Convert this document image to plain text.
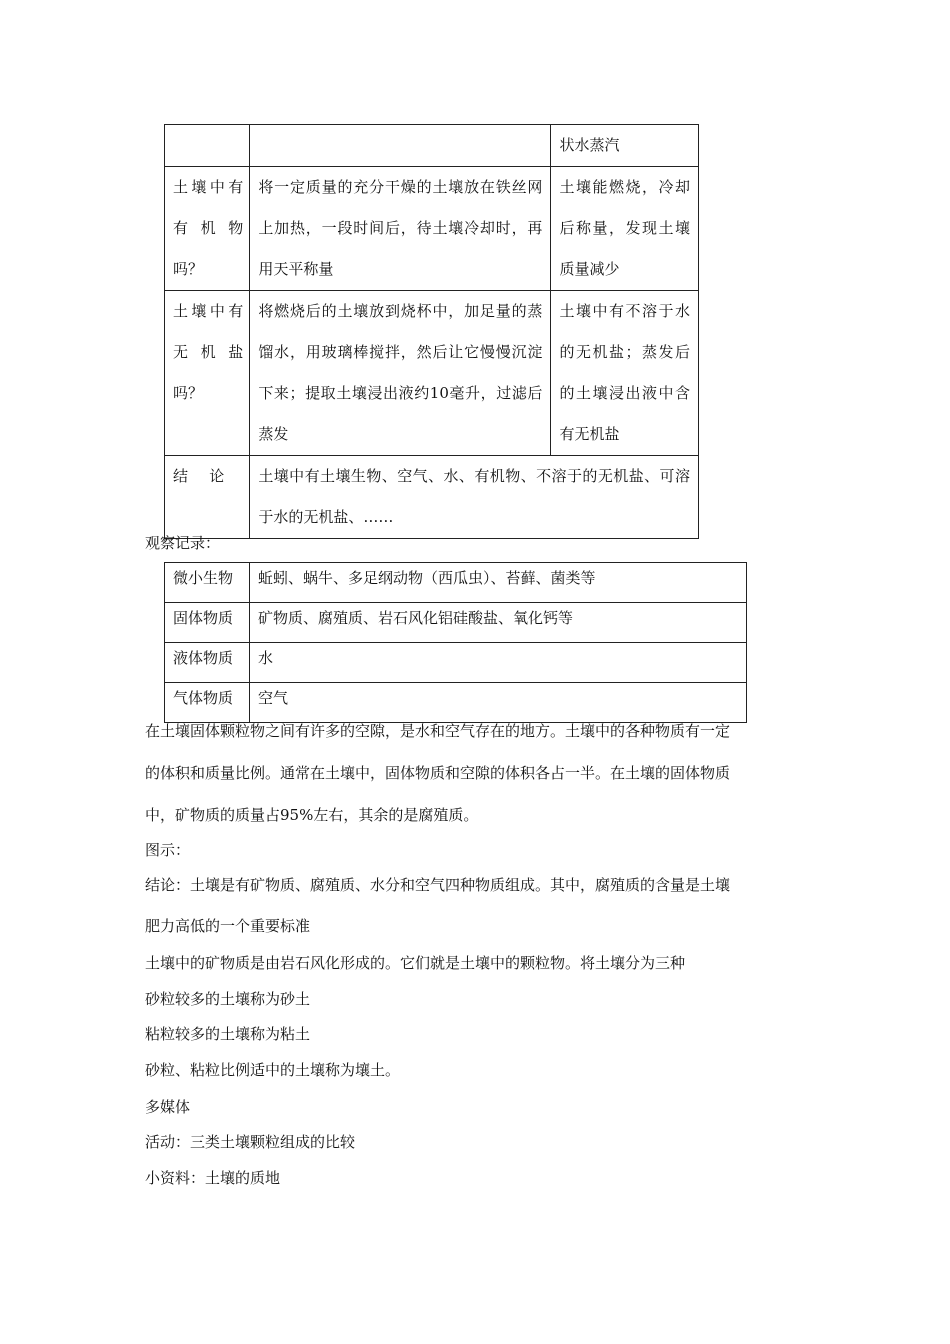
		状水蒸汽
土壤中有有 机 物吗？	将一定质量的充分干燥的土壤放在铁丝网上加热，一段时间后，待土壤冷却时，再用天平称量	土壤能燃烧，冷却后称量，发现土壤质量减少
土壤中有无 机 盐吗？	将燃烧后的土壤放到烧杯中，加足量的蒸馏水，用玻璃棒搅拌，然后让它慢慢沉淀下来；提取土壤浸出液约10毫升，过滤后蒸发	土壤中有不溶于水的无机盐；蒸发后的土壤浸出液中含有无机盐
结 论	土壤中有土壤生物、空气、水、有机物、不溶于的无机盐、可溶于水的无机盐、……	
观察记录：
微小生物	蚯蚓、蜗牛、多足纲动物（西瓜虫）、苔藓、菌类等
固体物质	矿物质、腐殖质、岩石风化铝硅酸盐、氧化钙等
液体物质	水
气体物质	空气
在土壤固体颗粒物之间有许多的空隙，是水和空气存在的地方。土壤中的各种物质有一定
的体积和质量比例。通常在土壤中，固体物质和空隙的体积各占一半。在土壤的固体物质
中，矿物质的质量占95%左右，其余的是腐殖质。
图示：
结论：土壤是有矿物质、腐殖质、水分和空气四种物质组成。其中，腐殖质的含量是土壤
肥力高低的一个重要标准
土壤中的矿物质是由岩石风化形成的。它们就是土壤中的颗粒物。将土壤分为三种
砂粒较多的土壤称为砂土
粘粒较多的土壤称为粘土
砂粒、粘粒比例适中的土壤称为壤土。
多媒体
活动：三类土壤颗粒组成的比较
小资料：土壤的质地
